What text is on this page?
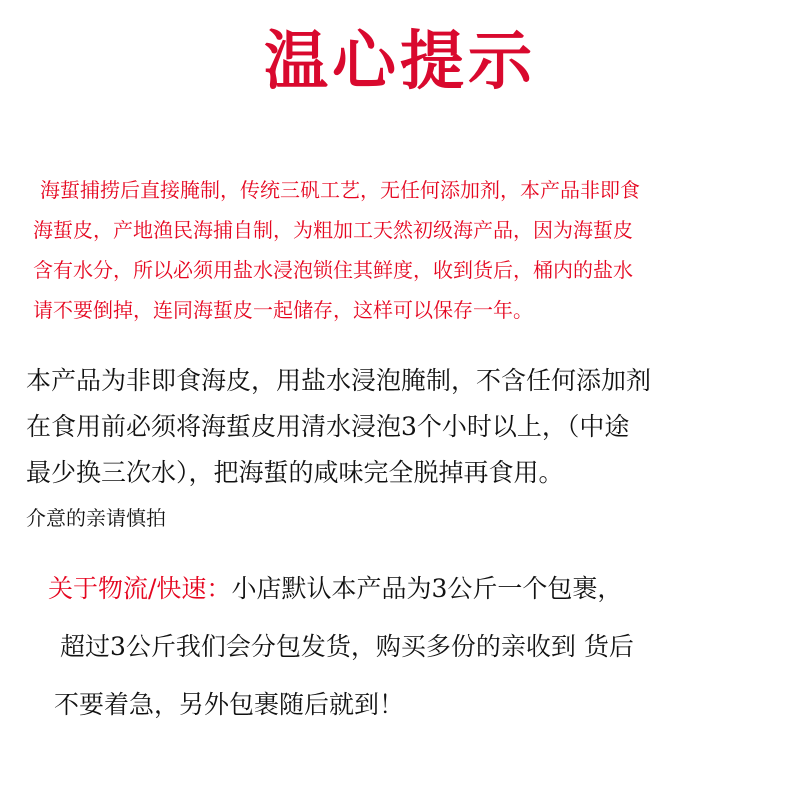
温心提示
海蜇捕捞后直接腌制，传统三矾工艺，无任何添加剂，本产品非即食
海蜇皮，产地渔民海捕自制，为粗加工天然初级海产品，因为海蜇皮
含有水分，所以必须用盐水浸泡锁住其鲜度，收到货后，桶内的盐水
请不要倒掉，连同海蜇皮一起储存，这样可以保存一年。
本产品为非即食海皮，用盐水浸泡腌制，不含任何添加剂
在食用前必须将海蜇皮用清水浸泡3个小时以上，（中途
最少换三次水），把海蜇的咸味完全脱掉再食用。
介意的亲请慎拍
关于物流/快速：小店默认本产品为3公斤一个包裹，
超过3公斤我们会分包发货，购买多份的亲收到 货后
不要着急，另外包裹随后就到！
